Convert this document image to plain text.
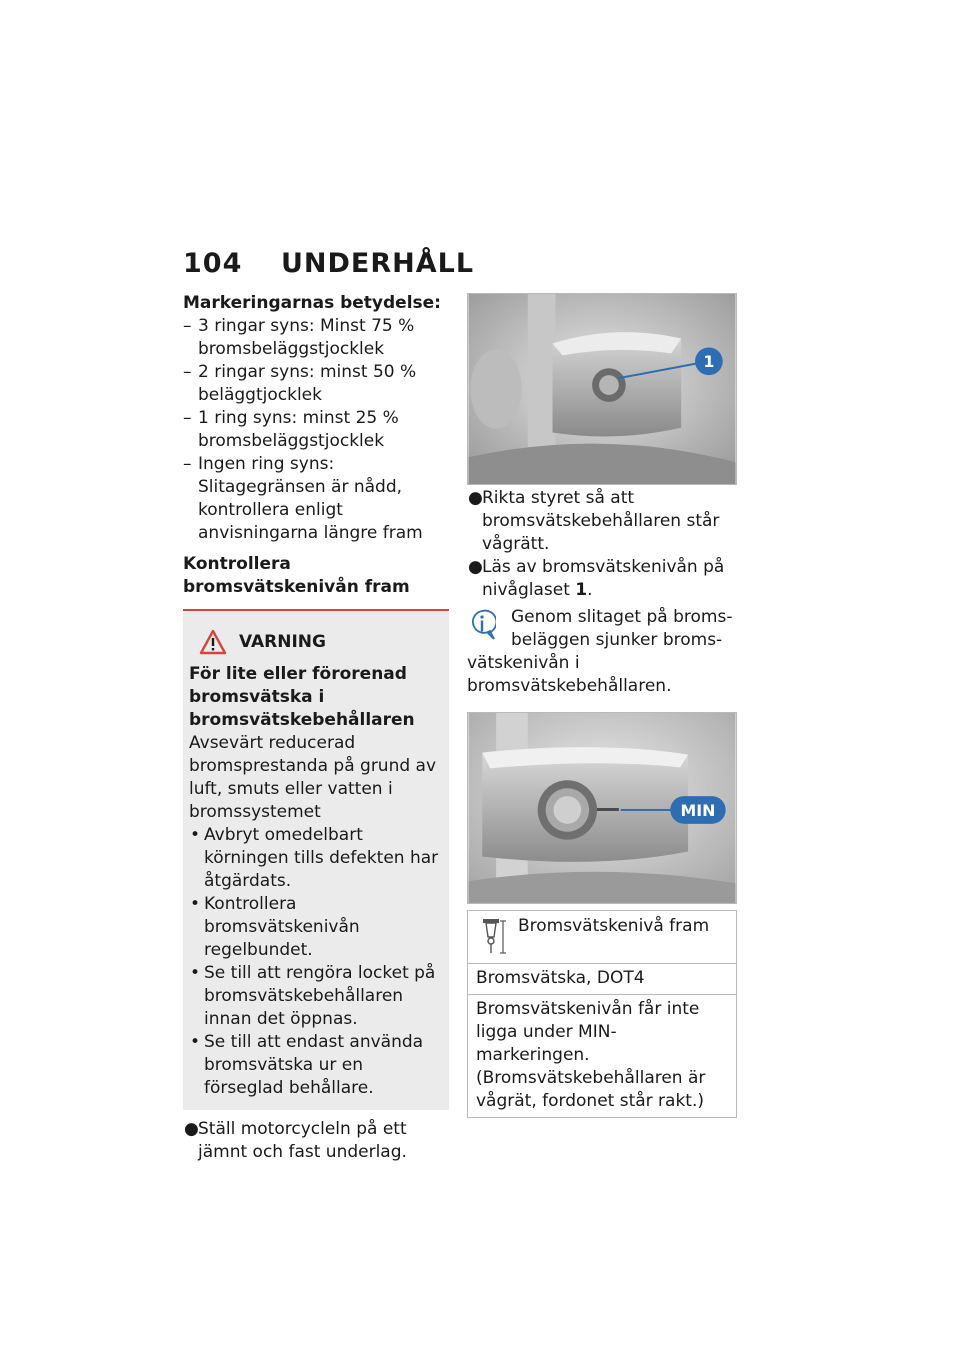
104 UNDERHÅLL
Markeringarnas betydelse:
– 3 ringar syns: Minst 75 % bromsbeläggstjocklek
– 2 ringar syns: minst 50 % beläggtjocklek
– 1 ring syns: minst 25 % bromsbeläggstjocklek
– Ingen ring syns: Slitagegränsen är nådd, kontrollera enligt anvisningarna längre fram
Kontrollera bromsvätskenivån fram
VARNING
För lite eller förorenad bromsvätska i bromsvätskebehållaren
Avsevärt reducerad bromsprestanda på grund av luft, smuts eller vatten i bromssystemet
• Avbryt omedelbart körningen tills defekten har åtgärdats.
• Kontrollera bromsvätskenivån regelbundet.
• Se till att rengöra locket på bromsvätskebehållaren innan det öppnas.
• Se till att endast använda bromsvätska ur en förseglad behållare.
● Ställ motorcycleln på ett jämnt och fast underlag.
1
● Rikta styret så att bromsvätskebehållaren står vågrätt.
● Läs av bromsvätskenivån på nivåglaset 1.
Genom slitaget på broms-
beläggen sjunker broms-
vätskenivån i bromsvätskebehållaren.
MIN
Bromsvätskenivå fram
Bromsvätska, DOT4
Bromsvätskenivån får inte ligga under MIN-markeringen. (Bromsvätskebehållaren är vågrät, fordonet står rakt.)
